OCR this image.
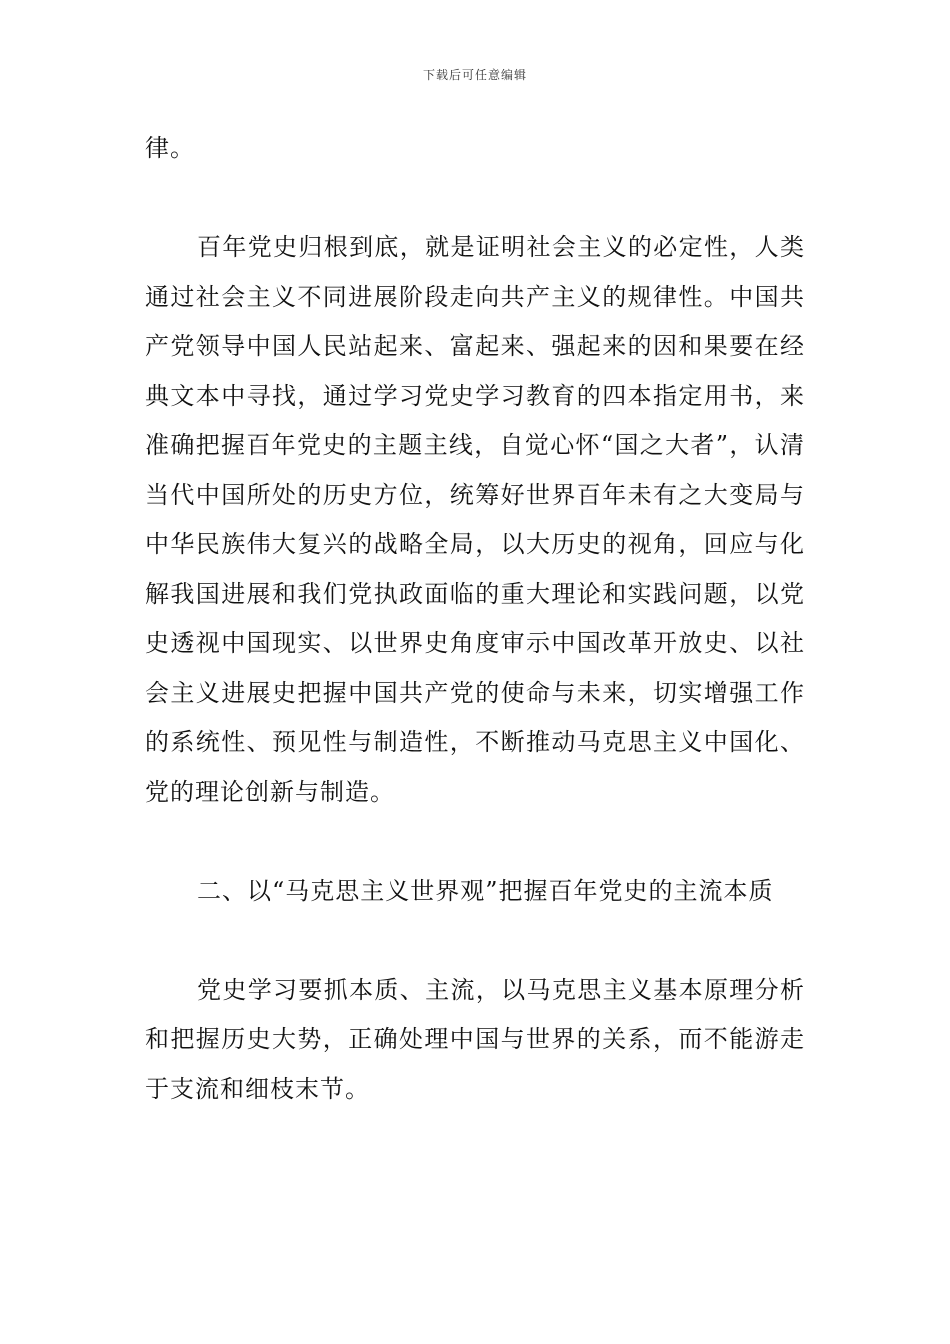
下载后可任意编辑

律。

百年党史归根到底，就是证明社会主义的必定性，人类通过社会主义不同进展阶段走向共产主义的规律性。中国共产党领导中国人民站起来、富起来、强起来的因和果要在经典文本中寻找，通过学习党史学习教育的四本指定用书，来准确把握百年党史的主题主线，自觉心怀“国之大者”，认清当代中国所处的历史方位，统筹好世界百年未有之大变局与中华民族伟大复兴的战略全局，以大历史的视角，回应与化解我国进展和我们党执政面临的重大理论和实践问题，以党史透视中国现实、以世界史角度审示中国改革开放史、以社会主义进展史把握中国共产党的使命与未来，切实增强工作的系统性、预见性与制造性，不断推动马克思主义中国化、党的理论创新与制造。

二、以“马克思主义世界观”把握百年党史的主流本质

党史学习要抓本质、主流，以马克思主义基本原理分析和把握历史大势，正确处理中国与世界的关系，而不能游走于支流和细枝末节。
